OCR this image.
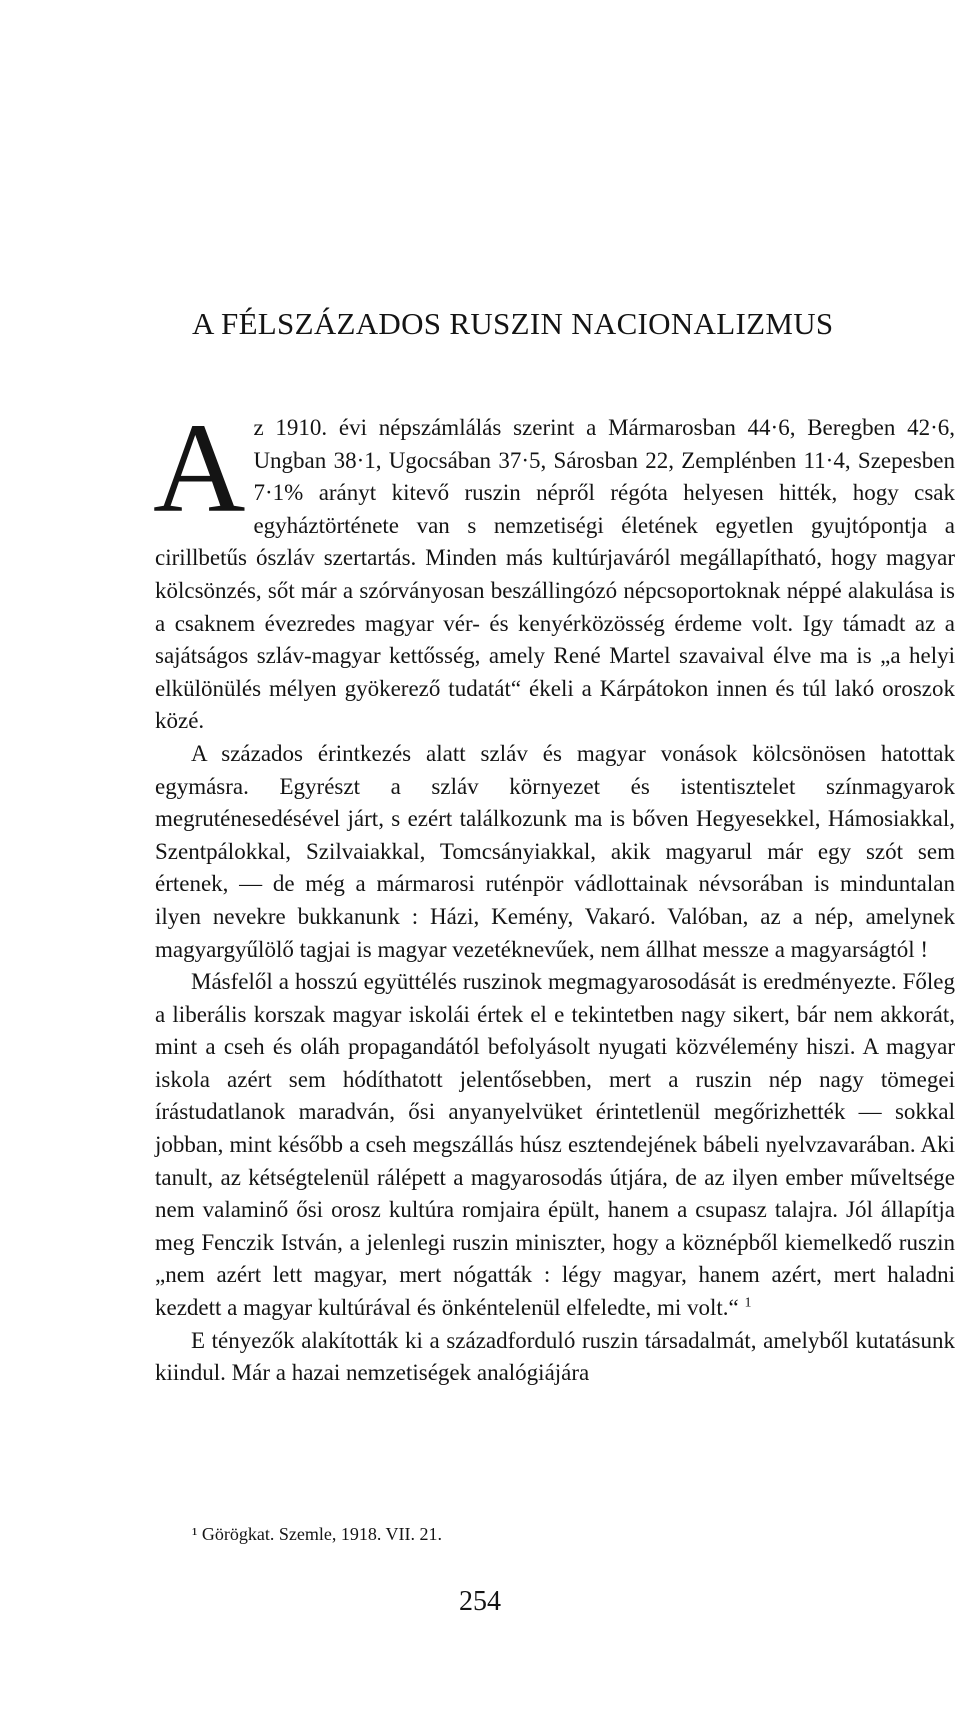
A FÉLSZÁZADOS RUSZIN NACIONALIZMUS

Az 1910. évi népszámlálás szerint a Mármarosban 44·6, Beregben 42·6, Ungban 38·1, Ugocsában 37·5, Sárosban 22, Zemplénben 11·4, Szepesben 7·1% arányt kitevő ruszin népről régóta helyesen hitték, hogy csak egyháztörténete van s nemzetiségi életének egyetlen gyujtópontja a cirillbetűs ószláv szertartás. Minden más kultúrjaváról megállapítható, hogy magyar kölcsönzés, sőt már a szórványosan beszállingózó népcsoportoknak néppé alakulása is a csaknem évezredes magyar vér- és kenyérközösség érdeme volt. Igy támadt az a sajátságos szláv-magyar kettősség, amely René Martel szavaival élve ma is „a helyi elkülönülés mélyen gyökerező tudatát“ ékeli a Kárpátokon innen és túl lakó oroszok közé.

A százados érintkezés alatt szláv és magyar vonások kölcsönösen hatottak egymásra. Egyrészt a szláv környezet és istentisztelet színmagyarok megruténesedésével járt, s ezért találkozunk ma is bőven Hegyesekkel, Hámosiakkal, Szentpálokkal, Szilvaiakkal, Tomcsányiakkal, akik magyarul már egy szót sem értenek, — de még a mármarosi ruténpör vádlottainak névsorában is minduntalan ilyen nevekre bukkanunk : Házi, Kemény, Vakaró. Valóban, az a nép, amelynek magyargyűlölő tagjai is magyar vezetéknevűek, nem állhat messze a magyarságtól !

Másfelől a hosszú együttélés ruszinok megmagyarosodását is eredményezte. Főleg a liberális korszak magyar iskolái értek el e tekintetben nagy sikert, bár nem akkorát, mint a cseh és oláh propagandától befolyásolt nyugati közvélemény hiszi. A magyar iskola azért sem hódíthatott jelentősebben, mert a ruszin nép nagy tömegei írástudatlanok maradván, ősi anyanyelvüket érintetlenül megőrizhették — sokkal jobban, mint később a cseh megszállás húsz esztendejének bábeli nyelvzavarában. Aki tanult, az kétségtelenül rálépett a magyarosodás útjára, de az ilyen ember műveltsége nem valaminő ősi orosz kultúra romjaira épült, hanem a csupasz talajra. Jól állapítja meg Fenczik István, a jelenlegi ruszin miniszter, hogy a köznépből kiemelkedő ruszin „nem azért lett magyar, mert nógatták : légy magyar, hanem azért, mert haladni kezdett a magyar kultúrával és önkéntelenül elfeledte, mi volt.“ $^1$

E tényezők alakították ki a századforduló ruszin társadalmát, amelyből kutatásunk kiindul. Már a hazai nemzetiségek analógiájára

¹ Görögkat. Szemle, 1918. VII. 21.

254
